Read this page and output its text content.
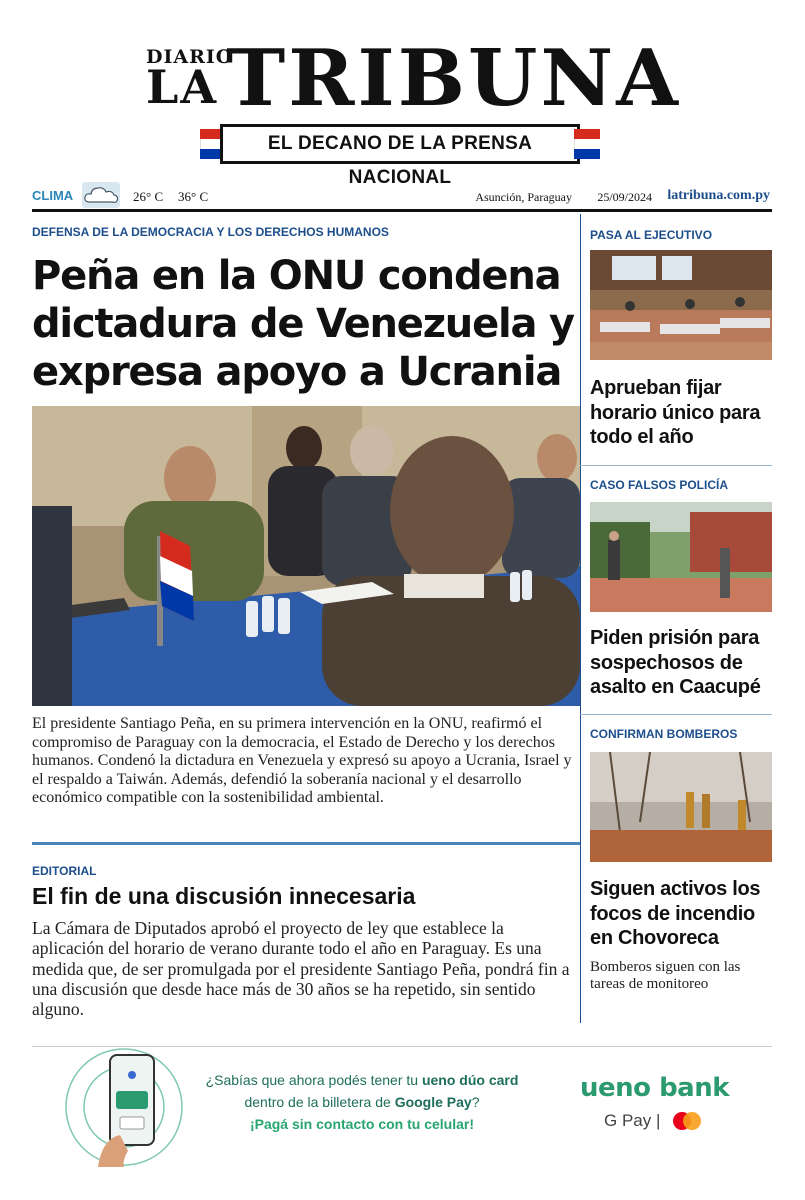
DIARIO
LA TRIBUNA
EL DECANO DE LA PRENSA NACIONAL
CLIMA	26° C 36° C	Asunción, Paraguay 25/09/2024 latribuna.com.py
DEFENSA DE LA DEMOCRACIA Y LOS DERECHOS HUMANOS
Peña en la ONU condena dictadura de Venezuela y expresa apoyo a Ucrania

El presidente Santiago Peña, en su primera intervención en la ONU, reafirmó el compromiso de Paraguay con la democracia, el Estado de Derecho y los derechos humanos. Condenó la dictadura en Venezuela y expresó su apoyo a Ucrania, Israel y el respaldo a Taiwán. Además, defendió la soberanía nacional y el desarrollo económico compatible con la sostenibilidad ambiental.

EDITORIAL
El fin de una discusión innecesaria

La Cámara de Diputados aprobó el proyecto de ley que establece la aplicación del horario de verano durante todo el año en Paraguay. Es una medida que, de ser promulgada por el presidente Santiago Peña, pondrá fin a una discusión que desde hace más de 30 años se ha repetido, sin sentido alguno.

PASA AL EJECUTIVO
Aprueban fijar horario único para todo el año
CASO FALSOS POLICÍA
Piden prisión para sospechosos de asalto en Caacupé
CONFIRMAN BOMBEROS
Siguen activos los focos de incendio en Chovoreca
Bomberos siguen con las tareas de monitoreo
¿Sabías que ahora podés tener tu ueno dúo card
dentro de la billetera de Google Pay?
¡Pagá sin contacto con tu celular!
ueno bank
G Pay |
